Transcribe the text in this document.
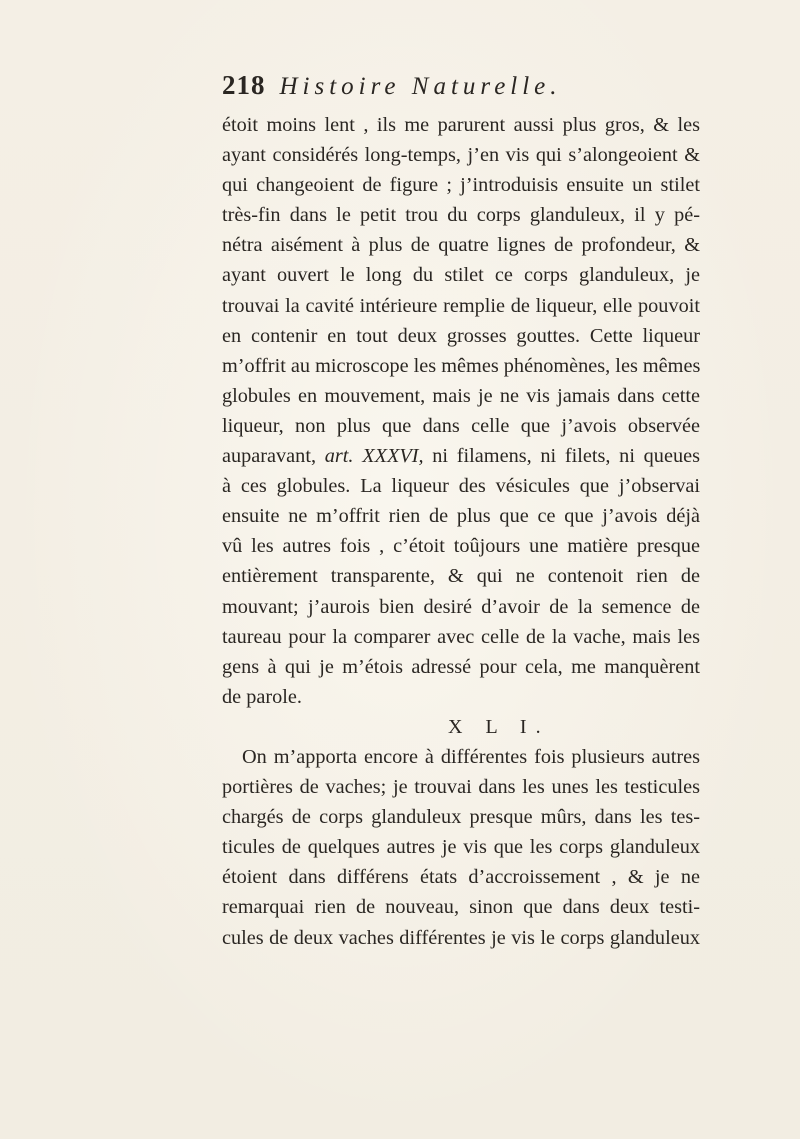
218 Histoire Naturelle.
étoit moins lent , ils me parurent aussi plus gros, & les
ayant considérés long-temps, j’en vis qui s’alongeoient &
qui changeoient de figure ; j’introduisis ensuite un stilet
très-fin dans le petit trou du corps glanduleux, il y pé-
nétra aisément à plus de quatre lignes de profondeur, &
ayant ouvert le long du stilet ce corps glanduleux, je
trouvai la cavité intérieure remplie de liqueur, elle pouvoit
en contenir en tout deux grosses gouttes. Cette liqueur
m’offrit au microscope les mêmes phénomènes, les mêmes
globules en mouvement, mais je ne vis jamais dans cette
liqueur, non plus que dans celle que j’avois observée
auparavant, art. XXXVI, ni filamens, ni filets, ni queues
à ces globules. La liqueur des vésicules que j’observai
ensuite ne m’offrit rien de plus que ce que j’avois déjà
vû les autres fois , c’étoit toûjours une matière presque
entièrement transparente, & qui ne contenoit rien de
mouvant; j’aurois bien desiré d’avoir de la semence de
taureau pour la comparer avec celle de la vache, mais les
gens à qui je m’étois adressé pour cela, me manquèrent
de parole.
X L I.
On m’apporta encore à différentes fois plusieurs autres
portières de vaches; je trouvai dans les unes les testicules
chargés de corps glanduleux presque mûrs, dans les tes-
ticules de quelques autres je vis que les corps glanduleux
étoient dans différens états d’accroissement , & je ne
remarquai rien de nouveau, sinon que dans deux testi-
cules de deux vaches différentes je vis le corps glanduleux
